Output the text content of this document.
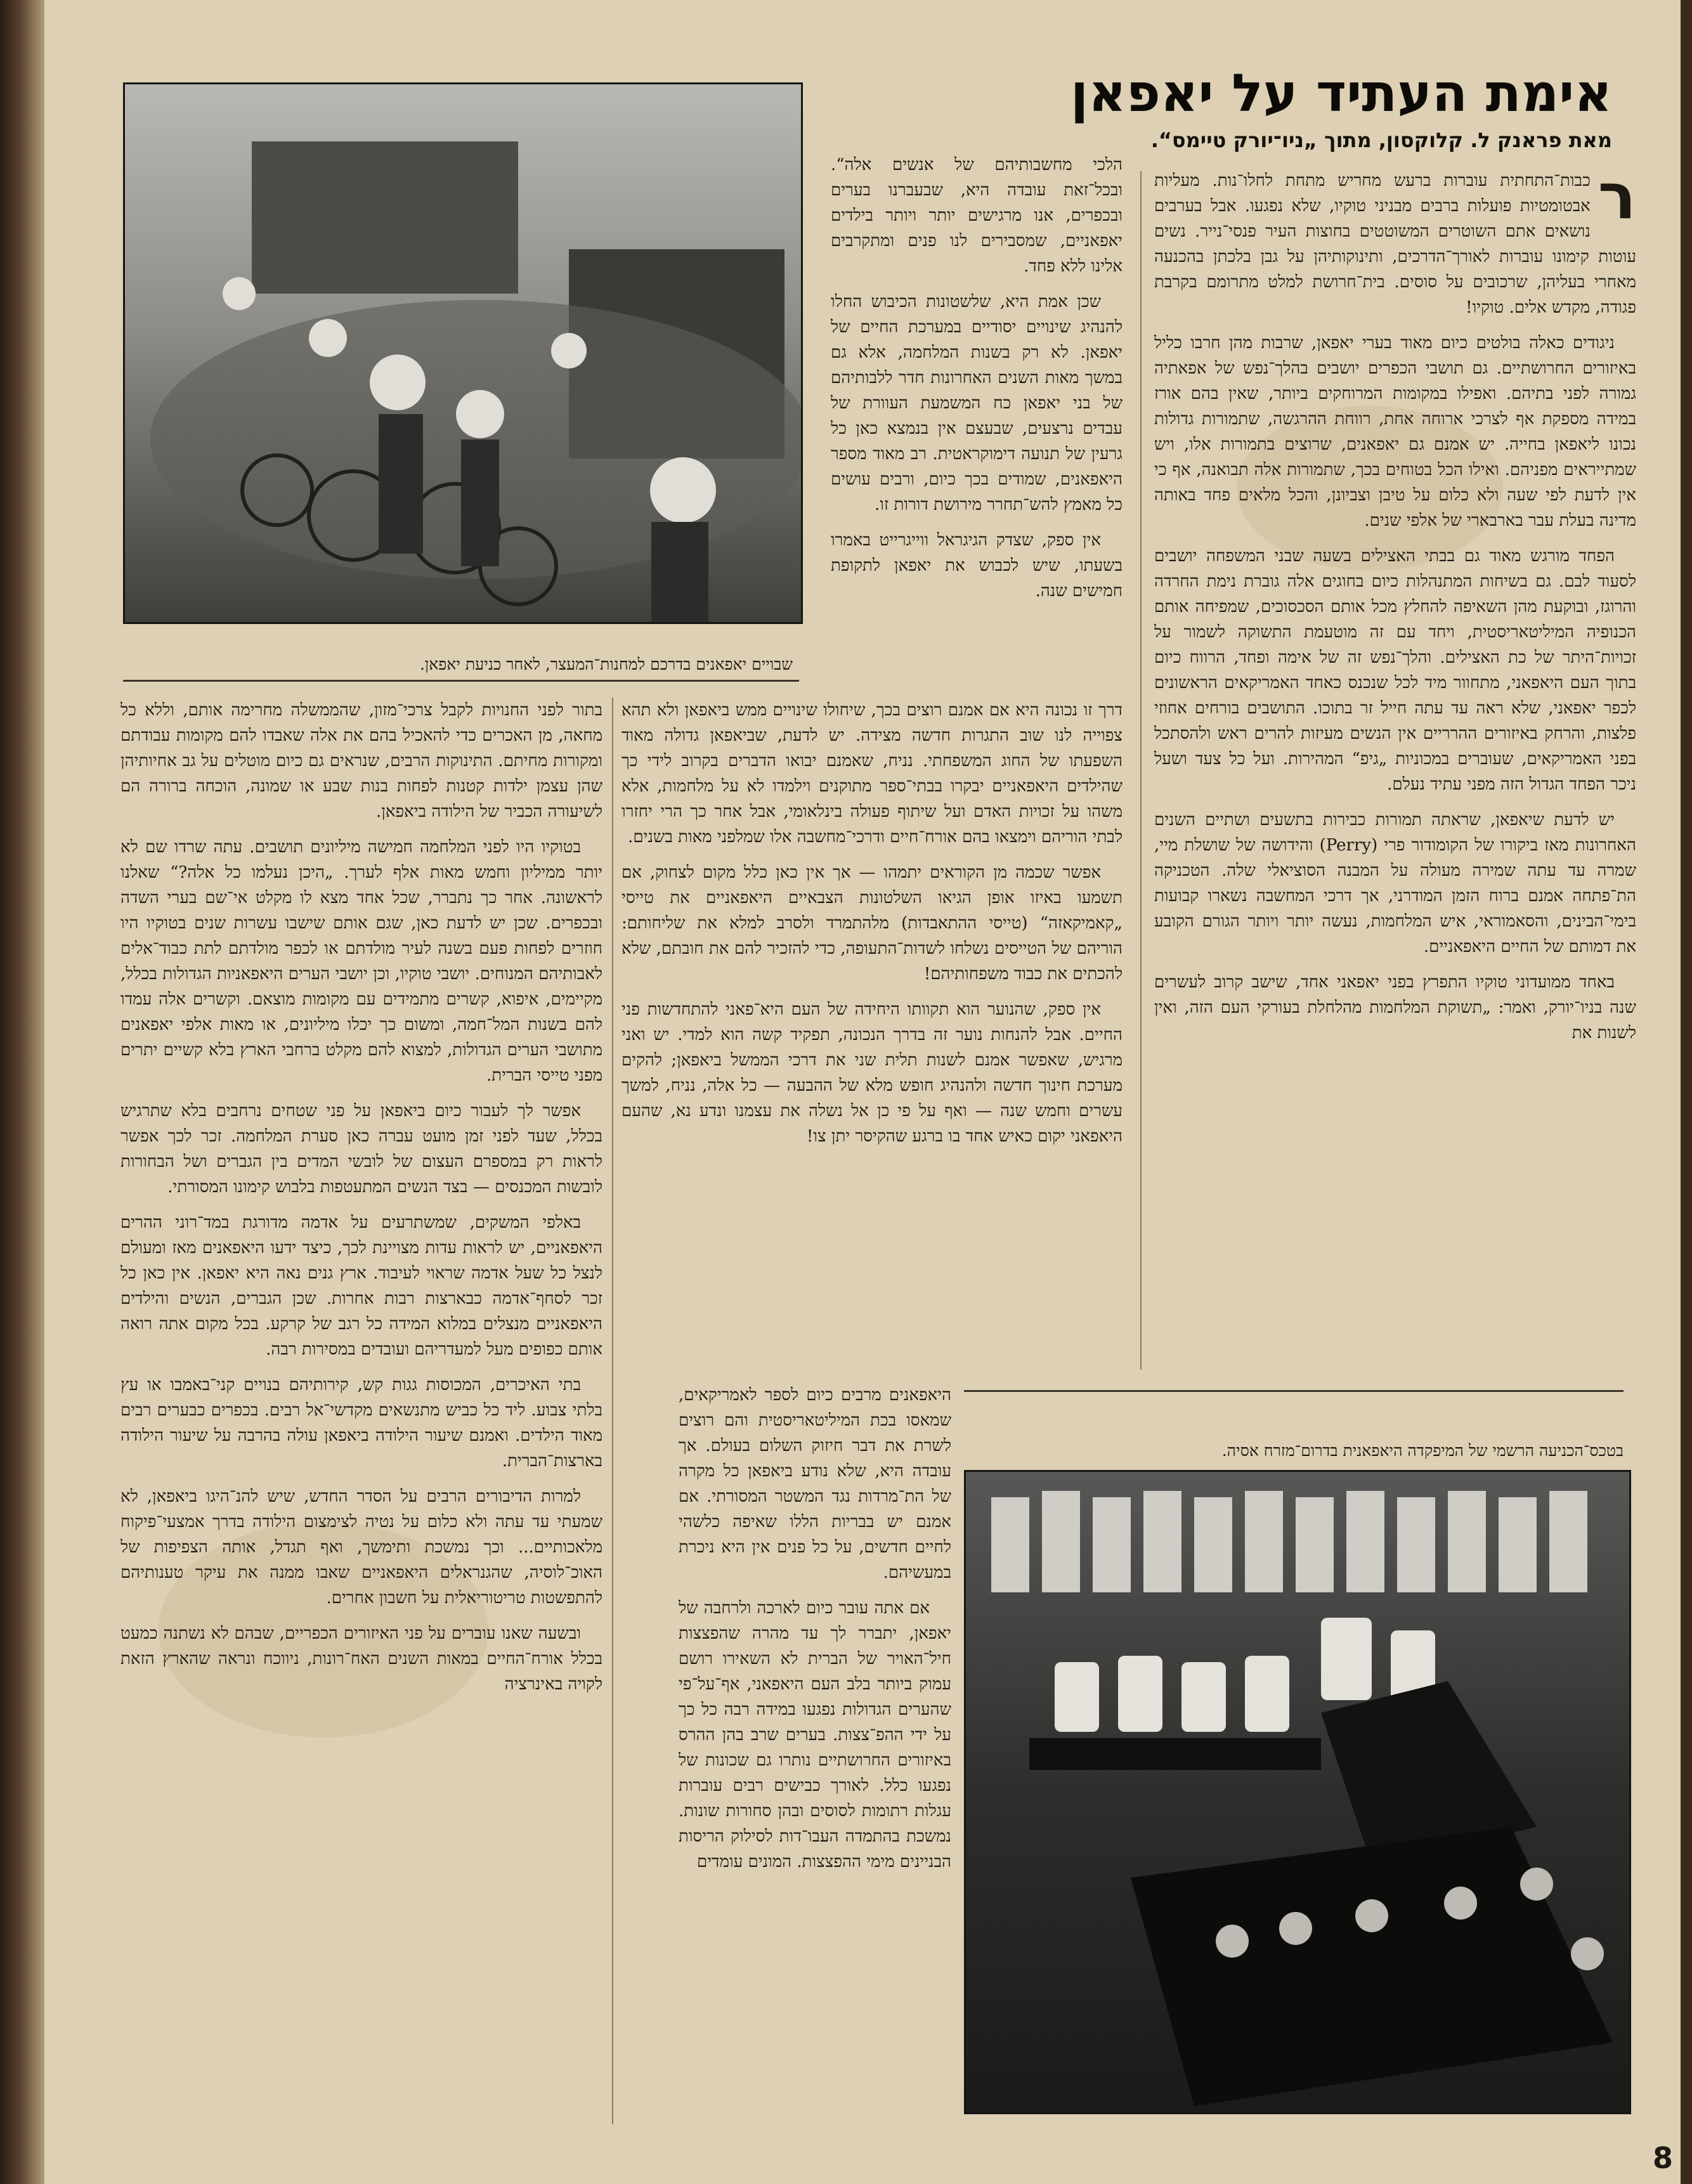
אימת העתיד על יאפאן
מאת פראנק ל. קלוקסון, מתוך „ניו־יורק טיימס“.
שבויים יאפאנים בדרכם למחנות־המעצר, לאחר כניעת יאפאן.

ר
כבות־התחתית עוברות ברעש מחריש מתחת לחלו־נות. מעליות אבטומטיות פועלות ברבים מבניני טוקיו, שלא נפגעו. אבל בערבים נושאים אתם השוטרים המשוטטים בחוצות העיר פנסי־נייר. נשים עוטות קימונו עוברות לאורך־הדרכים, ותינוקותיהן על גבן בלכתן בהכנעה מאחרי בעליהן, שרכובים על סוסים. בית־חרושת למלט מתרומם בקרבת פגודה, מקדש אלים. טוקיו!

ניגודים כאלה בולטים כיום מאוד בערי יאפאן, שרבות מהן חרבו כליל באיזורים החרושתיים. גם תושבי הכפרים יושבים בהלך־נפש של אפאתיה גמורה לפני בתיהם. ואפילו במקומות המרוחקים ביותר, שאין בהם אורז במידה מספקת אף לצרכי ארוחה אחת, רווחת ההרגשה, שתמורות גדולות נכונו ליאפאן בחייה. יש אמנם גם יאפאנים, שרוצים בתמורות אלו, ויש שמתייראים מפניהם. ואילו הכל בטוחים בכך, שתמורות אלה תבואנה, אף כי אין לדעת לפי שעה ולא כלום על טיבן וצביונן, והכל מלאים פחד באותה מדינה בעלת עבר בארבארי של אלפי שנים.

הפחד מורגש מאוד גם בבתי האצילים בשעה שבני המשפחה יושבים לסעוד לבם. גם בשיחות המתנהלות כיום בחוגים אלה גוברת נימת החרדה והרוגז, ובוקעת מהן השאיפה להחלץ מכל אותם הסכסוכים, שמפיחה אותם הכנופיה המיליטאריסטית, ויחד עם זה מוטעמת התשוקה לשמור על זכויות־היתר של כת האצילים. והלך־נפש זה של אימה ופחד, הרווח כיום בתוך העם היאפאני, מתחוור מיד לכל שנכנס כאחד האמריקאים הראשונים לכפר יאפאני, שלא ראה עד עתה חייל זר בתוכו. התושבים בורחים אחוזי פלצות, והרחק באיזורים ההרריים אין הנשים מעיזות להרים ראש ולהסתכל בפני האמריקאים, שעוברים במכוניות „גיפ“ המהירות. ועל כל צעד ושעל ניכר הפחד הגדול הזה מפני עתיד נעלם.

יש לדעת שיאפאן, שראתה תמורות כבירות בתשעים ושתיים השנים האחרונות מאז ביקורו של הקומודור פרי (Perry) והידושה של שושלת מיי, שמרה עד עתה שמירה מעולה על המבנה הסוציאלי שלה. הטכניקה הת־פתחה אמנם ברוח הזמן המודרני, אך דרכי המחשבה נשארו קבועות בימי־הבינים, והסאמוראי, איש המלחמות, נעשה יותר ויותר הגורם הקובע את דמותם של החיים היאפאניים.

באחד ממועדוני טוקיו התפרץ בפני יאפאני אחד, שישב קרוב לעשרים שנה בניו־יורק, ואמר: „תשוקת המלחמות מהלחלת בעורקי העם הזה, ואין לשנות את

הלכי מחשבותיהם של אנשים אלה“. ובכל־זאת עובדה היא, שבעברנו בערים ובכפרים, אנו מרגישים יותר ויותר בילדים יאפאניים, שמסבירים לנו פנים ומתקרבים אלינו ללא פחד.

שכן אמת היא, שלשטונות הכיבוש החלו להנהיג שינויים יסודיים במערכת החיים של יאפאן. לא רק בשנות המלחמה, אלא גם במשך מאות השנים האחרונות חדר ללבותיהם של בני יאפאן כח המשמעת העוורת של עבדים נרצעים, שבעצם אין בנמצא כאן כל גרעין של תנועה דימוקראטית. רב מאוד מספר היאפאנים, שמודים בכך כיום, ורבים עושים כל מאמץ להש־תחרר מירושת דורות זו.

אין ספק, שצדק הגיגראל ווייגרייט באמרו בשעתו, שיש לכבוש את יאפאן לתקופת חמישים שנה.

דרך זו נכונה היא אם אמנם רוצים בכך, שיחולו שינויים ממש ביאפאן ולא תהא צפוייה לנו שוב התגרות חדשה מצידה. יש לדעת, שביאפאן גדולה מאוד השפעתו של החוג המשפחתי. נניח, שאמנם יבואו הדברים בקרוב לידי כך שהילדים היאפאניים יבקרו בבתי־ספר מתוקנים וילמדו לא על מלחמות, אלא משהו על זכויות האדם ועל שיתוף פעולה בינלאומי, אבל אחר כך הרי יחזרו לבתי הוריהם וימצאו בהם אורח־חיים ודרכי־מחשבה אלו שמלפני מאות בשנים.

אפשר שכמה מן הקוראים יתמהו — אך אין כאן כלל מקום לצחוק, אם תשמעו באיזו אופן הגיאו השלטונות הצבאיים היאפאניים את טייסי „קאמיקאזה“ (טייסי ההתאבדות) מלהתמרד ולסרב למלא את שליחותם: הוריהם של הטייסים נשלחו לשדות־התעופה, כדי להזכיר להם את חובתם, שלא להכתים את כבוד משפחותיהם!

אין ספק, שהנוער הוא תקוותו היחידה של העם היא־פאני להתחדשות פני החיים. אבל להנחות נוער זה בדרך הנכונה, תפקיד קשה הוא למדי. יש ואני מרגיש, שאפשר אמנם לשנות תלית שני את דרכי הממשל ביאפאן; להקים מערכת חינוך חדשה ולהנהיג חופש מלא של ההבעה — כל אלה, נניח, למשך עשרים וחמש שנה — ואף על פי כן אל נשלה את עצמנו ונדע נא, שהעם היאפאני יקום כאיש אחד בו ברגע שהקיסר יתן צו!

היאפאנים מרבים כיום לספר לאמריקאים, שמאסו בכת המיליטאריסטית והם רוצים לשרת את דבר חיזוק השלום בעולם. אך עובדה היא, שלא נודע ביאפאן כל מקרה של הת־מרדות נגד המשטר המסורתי. אם אמנם יש בבריות הללו שאיפה כלשהי לחיים חדשים, על כל פנים אין היא ניכרת במעשיהם.

אם אתה עובר כיום לארכה ולרחבה של יאפאן, יתברר לך עד מהרה שהפצצות חיל־האויר של הברית לא השאירו רושם עמוק ביותר בלב העם היאפאני, אף־על־פי שהערים הגדולות נפגעו במידה רבה כל כך על ידי ההפ־צצות. בערים שרב בהן ההרס באיזורים החרושתיים נותרו גם שכונות של נפגעו כלל. לאורך כבישים רבים עוברות עגלות רתומות לסוסים ובהן סחורות שונות. נמשכת בהתמדה העבו־דות לסילוק הריסות הבניינים מימי ההפצצות. המונים עומדים

בתור לפני החנויות לקבל צרכי־מזון, שהממשלה מחרימה אותם, וללא כל מחאה, מן האכרים כדי להאכיל בהם את אלה שאבדו להם מקומות עבודתם ומקורות מחיתם. התינוקות הרבים, שנראים גם כיום מוטלים על גב אחיותיהן שהן עצמן ילדות קטנות לפחות בנות שבע או שמונה, הוכחה ברורה הם לשיעורה הכביר של הילודה ביאפאן.

בטוקיו היו לפני המלחמה חמישה מיליונים תושבים. עתה שרדו שם לא יותר ממיליון וחמש מאות אלף לערך. „היכן נעלמו כל אלה?“ שאלנו לראשונה. אחר כך נתברר, שכל אחד מצא לו מקלט אי־שם בערי השדה ובכפרים. שכן יש לדעת כאן, שגם אותם שישבו עשרות שנים בטוקיו היו חוזרים לפחות פעם בשנה לעיר מולדתם או לכפר מולדתם לתת כבוד־אלים לאבותיהם המנוחים. יושבי טוקיו, וכן יושבי הערים היאפאניות הגדולות בכלל, מקיימים, איפוא, קשרים מתמידים עם מקומות מוצאם. וקשרים אלה עמדו להם בשנות המל־חמה, ומשום כך יכלו מיליונים, או מאות אלפי יאפאנים מתושבי הערים הגדולות, למצוא להם מקלט ברחבי הארץ בלא קשיים יתרים מפני טייסי הברית.

אפשר לך לעבור כיום ביאפאן על פני שטחים נרחבים בלא שתרגיש בכלל, שעד לפני זמן מועט עברה כאן סערת המלחמה. זכר לכך אפשר לראות רק במספרם העצום של לובשי המדים בין הגברים ושל הבחורות לובשות המכנסים — בצד הנשים המתעטפות בלבוש קימונו המסורתי.

באלפי המשקים, שמשתרעים על אדמה מדורגת במד־רוני ההרים היאפאניים, יש לראות עדות מצויינת לכך, כיצד ידעו היאפאנים מאז ומעולם לנצל כל שעל אדמה שראוי לעיבוד. ארץ גנים נאה היא יאפאן. אין כאן כל זכר לסחף־אדמה כבארצות רבות אחרות. שכן הגברים, הנשים והילדים היאפאניים מנצלים במלוא המידה כל רגב של קרקע. בכל מקום אתה רואה אותם כפופים מעל למעדריהם ועובדים במסירות רבה.

בתי האיכרים, המכוסות גגות קש, קירותיהם בנויים קני־באמבו או עץ בלתי צבוע. ליד כל כביש מתנשאים מקדשי־אל רבים. בכפרים כבערים רבים מאוד הילדים. ואמנם שיעור הילודה ביאפאן עולה בהרבה על שיעור הילודה בארצות־הברית.

למרות הדיבורים הרבים על הסדר החדש, שיש להנ־היגו ביאפאן, לא שמעתי עד עתה ולא כלום על נטיה לצימצום הילודה בדרך אמצעי־פיקוח מלאכותיים... וכך נמשכת ותימשך, ואף תגדל, אותה הצפיפות של האוכ־לוסיה, שהגנראלים היאפאניים שאבו ממנה את עיקר טענותיהם להתפשטות טריטוריאלית על חשבון אחרים.

ובשעה שאנו עוברים על פני האיזורים הכפריים, שבהם לא נשתנה כמעט בכלל אורח־החיים במאות השנים האח־רונות, ניווכח ונראה שהארץ הזאת לקויה באינרציה

בטכס־הכניעה הרשמי של המיפקדה היאפאנית בדרום־מזרח אסיה.
8
